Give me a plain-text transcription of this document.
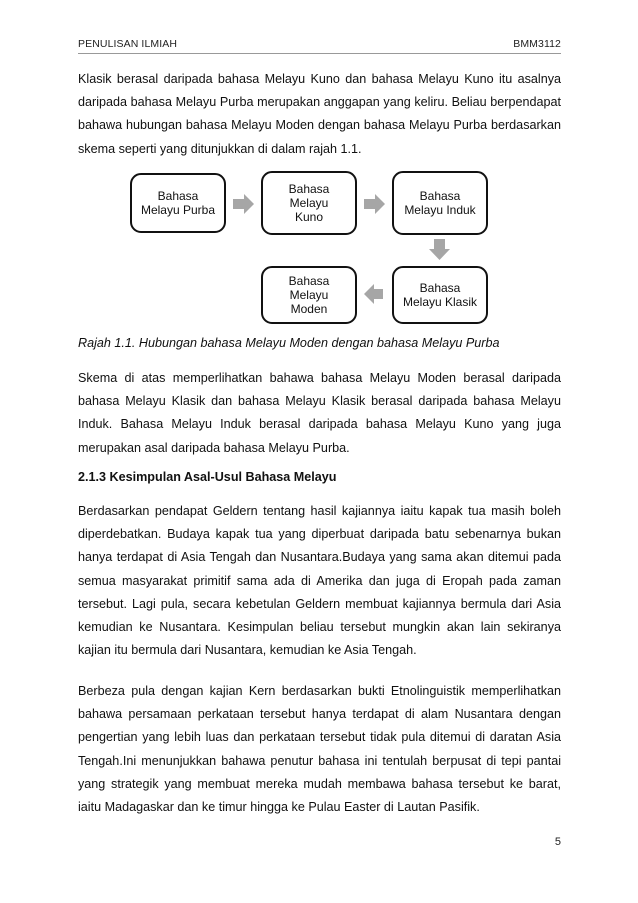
PENULISAN ILMIAH	BMM3112

Klasik berasal daripada bahasa Melayu Kuno dan bahasa Melayu Kuno itu asalnya daripada bahasa Melayu Purba merupakan anggapan yang keliru. Beliau berpendapat bahawa hubungan bahasa Melayu Moden dengan bahasa Melayu Purba berdasarkan skema seperti yang ditunjukkan di dalam rajah 1.1.

Bahasa
Melayu Purba
Bahasa
Melayu
Kuno
Bahasa
Melayu Induk
Bahasa
Melayu Klasik
Bahasa
Melayu
Moden

Rajah 1.1. Hubungan bahasa Melayu Moden dengan bahasa Melayu Purba

Skema di atas memperlihatkan bahawa bahasa Melayu Moden berasal daripada bahasa Melayu Klasik dan bahasa Melayu Klasik berasal daripada bahasa Melayu Induk. Bahasa Melayu Induk berasal daripada bahasa Melayu Kuno yang juga merupakan asal daripada bahasa Melayu Purba.

2.1.3 Kesimpulan Asal-Usul Bahasa Melayu

Berdasarkan pendapat Geldern tentang hasil kajiannya iaitu kapak tua masih boleh diperdebatkan. Budaya kapak tua yang diperbuat daripada batu sebenarnya bukan hanya terdapat di Asia Tengah dan Nusantara.Budaya yang sama akan ditemui pada semua masyarakat primitif sama ada di Amerika dan juga di Eropah pada zaman tersebut. Lagi pula, secara kebetulan Geldern membuat kajiannya bermula dari Asia kemudian ke Nusantara. Kesimpulan beliau tersebut mungkin akan lain sekiranya kajian itu bermula dari Nusantara, kemudian ke Asia Tengah.

Berbeza pula dengan kajian Kern berdasarkan bukti Etnolinguistik memperlihatkan bahawa persamaan perkataan tersebut hanya terdapat di alam Nusantara dengan pengertian yang lebih luas dan perkataan tersebut tidak pula ditemui di daratan Asia Tengah.Ini menunjukkan bahawa penutur bahasa ini tentulah berpusat di tepi pantai yang strategik yang membuat mereka mudah membawa bahasa tersebut ke barat, iaitu Madagaskar dan ke timur hingga ke Pulau Easter di Lautan Pasifik.

5
